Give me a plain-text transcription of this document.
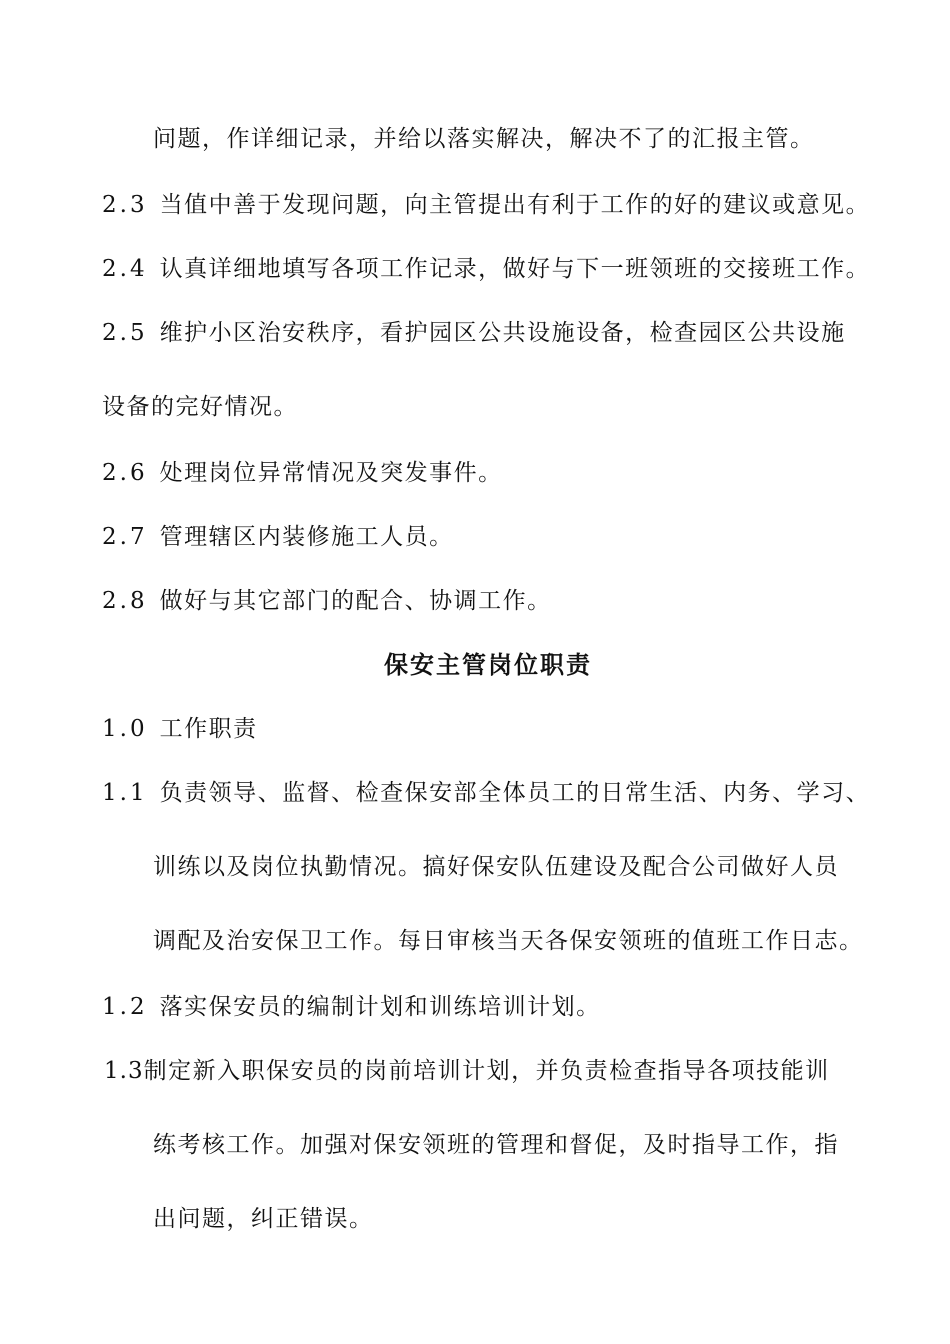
问题，作详细记录，并给以落实解决，解决不了的汇报主管。
2.3 当值中善于发现问题，向主管提出有利于工作的好的建议或意见。
2.4 认真详细地填写各项工作记录，做好与下一班领班的交接班工作。
2.5 维护小区治安秩序，看护园区公共设施设备，检查园区公共设施
设备的完好情况。
2.6 处理岗位异常情况及突发事件。
2.7 管理辖区内装修施工人员。
2.8 做好与其它部门的配合、协调工作。
保安主管岗位职责
1.0 工作职责
1.1 负责领导、监督、检查保安部全体员工的日常生活、内务、学习、
训练以及岗位执勤情况。搞好保安队伍建设及配合公司做好人员
调配及治安保卫工作。每日审核当天各保安领班的值班工作日志。
1.2 落实保安员的编制计划和训练培训计划。
1.3制定新入职保安员的岗前培训计划，并负责检查指导各项技能训
练考核工作。加强对保安领班的管理和督促，及时指导工作，指
出问题，纠正错误。
